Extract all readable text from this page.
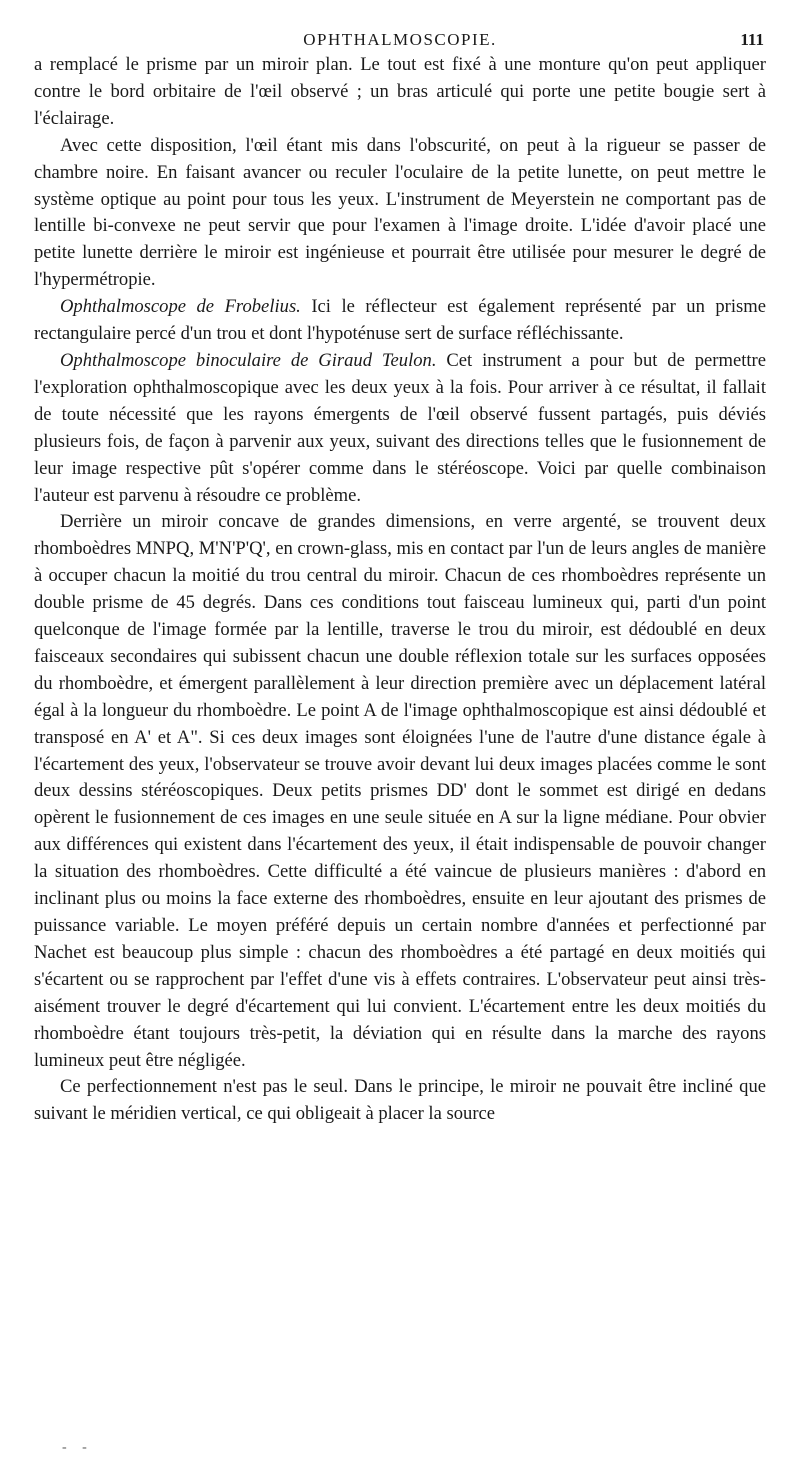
OPHTHALMOSCOPIE.	111

a remplacé le prisme par un miroir plan. Le tout est fixé à une monture qu'on peut appliquer contre le bord orbitaire de l'œil observé ; un bras articulé qui porte une petite bougie sert à l'éclairage.

Avec cette disposition, l'œil étant mis dans l'obscurité, on peut à la rigueur se passer de chambre noire. En faisant avancer ou reculer l'oculaire de la petite lunette, on peut mettre le système optique au point pour tous les yeux. L'instrument de Meyerstein ne comportant pas de lentille bi-convexe ne peut servir que pour l'examen à l'image droite. L'idée d'avoir placé une petite lunette derrière le miroir est ingénieuse et pourrait être utilisée pour mesurer le degré de l'hypermétropie.

Ophthalmoscope de Frobelius. Ici le réflecteur est également représenté par un prisme rectangulaire percé d'un trou et dont l'hypoténuse sert de surface réfléchissante.

Ophthalmoscope binoculaire de Giraud Teulon. Cet instrument a pour but de permettre l'exploration ophthalmoscopique avec les deux yeux à la fois. Pour arriver à ce résultat, il fallait de toute nécessité que les rayons émergents de l'œil observé fussent partagés, puis déviés plusieurs fois, de façon à parvenir aux yeux, suivant des directions telles que le fusionnement de leur image respective pût s'opérer comme dans le stéréoscope. Voici par quelle combinaison l'auteur est parvenu à résoudre ce problème.

Derrière un miroir concave de grandes dimensions, en verre argenté, se trouvent deux rhomboèdres MNPQ, M'N'P'Q', en crown-glass, mis en contact par l'un de leurs angles de manière à occuper chacun la moitié du trou central du miroir. Chacun de ces rhomboèdres représente un double prisme de 45 degrés. Dans ces conditions tout faisceau lumineux qui, parti d'un point quelconque de l'image formée par la lentille, traverse le trou du miroir, est dédoublé en deux faisceaux secondaires qui subissent chacun une double réflexion totale sur les surfaces opposées du rhomboèdre, et émergent parallèlement à leur direction première avec un déplacement latéral égal à la longueur du rhomboèdre. Le point A de l'image ophthalmoscopique est ainsi dédoublé et transposé en A' et A". Si ces deux images sont éloignées l'une de l'autre d'une distance égale à l'écartement des yeux, l'observateur se trouve avoir devant lui deux images placées comme le sont deux dessins stéréoscopiques. Deux petits prismes DD' dont le sommet est dirigé en dedans opèrent le fusionnement de ces images en une seule située en A sur la ligne médiane. Pour obvier aux différences qui existent dans l'écartement des yeux, il était indispensable de pouvoir changer la situation des rhomboèdres. Cette difficulté a été vaincue de plusieurs manières : d'abord en inclinant plus ou moins la face externe des rhomboèdres, ensuite en leur ajoutant des prismes de puissance variable. Le moyen préféré depuis un certain nombre d'années et perfectionné par Nachet est beaucoup plus simple : chacun des rhomboèdres a été partagé en deux moitiés qui s'écartent ou se rapprochent par l'effet d'une vis à effets contraires. L'observateur peut ainsi très-aisément trouver le degré d'écartement qui lui convient. L'écartement entre les deux moitiés du rhomboèdre étant toujours très-petit, la déviation qui en résulte dans la marche des rayons lumineux peut être négligée.

Ce perfectionnement n'est pas le seul. Dans le principe, le miroir ne pouvait être incliné que suivant le méridien vertical, ce qui obligeait à placer la source

- -
